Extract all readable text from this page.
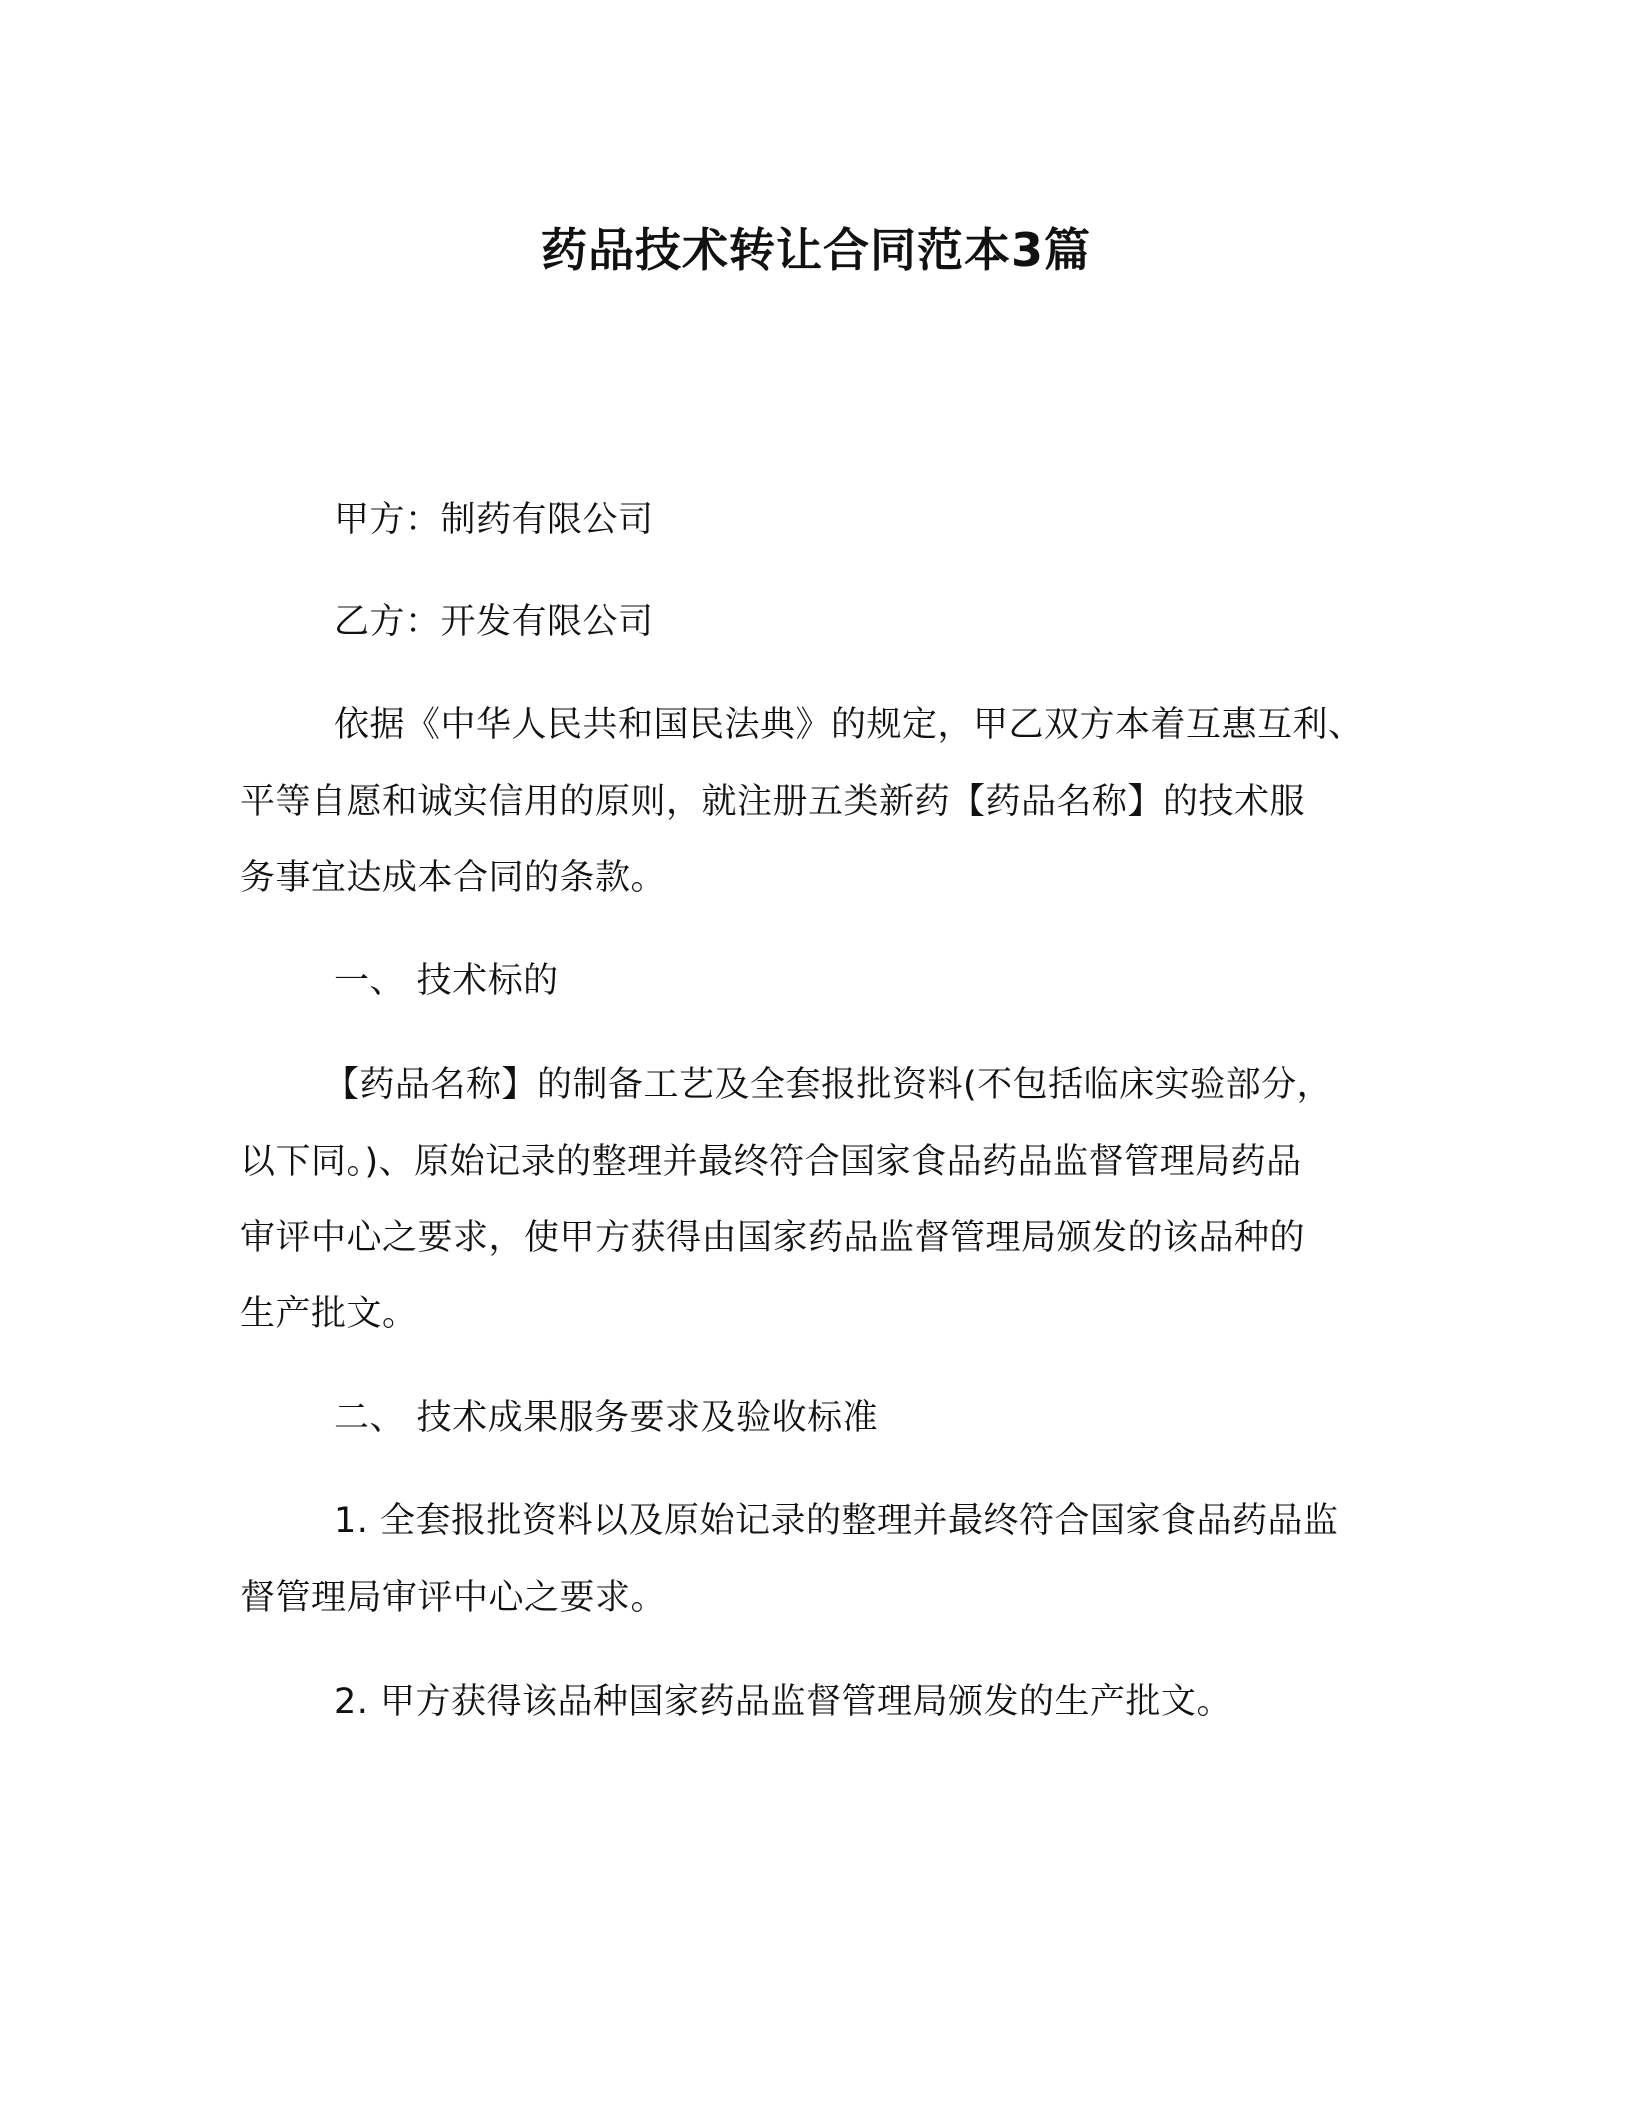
药品技术转让合同范本3篇
甲方：制药有限公司
乙方：开发有限公司
依据《中华人民共和国民法典》的规定，甲乙双方本着互惠互利、
平等自愿和诚实信用的原则，就注册五类新药【药品名称】的技术服
务事宜达成本合同的条款。
一、 技术标的
【药品名称】的制备工艺及全套报批资料(不包括临床实验部分，
以下同。)、原始记录的整理并最终符合国家食品药品监督管理局药品
审评中心之要求，使甲方获得由国家药品监督管理局颁发的该品种的
生产批文。
二、 技术成果服务要求及验收标准
1. 全套报批资料以及原始记录的整理并最终符合国家食品药品监
督管理局审评中心之要求。
2. 甲方获得该品种国家药品监督管理局颁发的生产批文。
